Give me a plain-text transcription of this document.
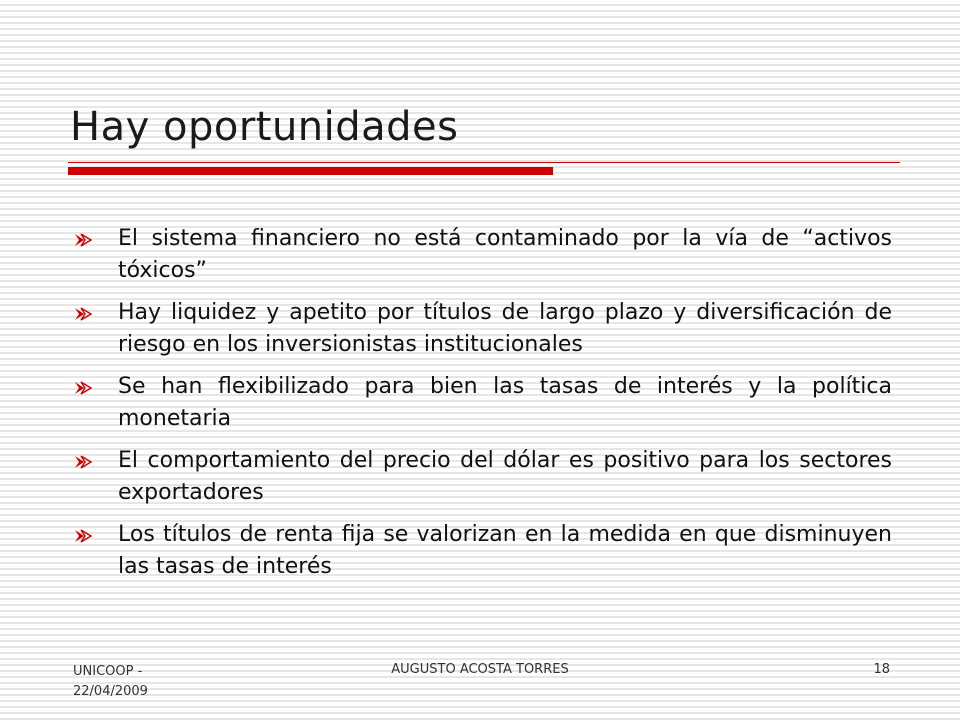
Hay oportunidades
El sistema financiero no está contaminado por la vía de “activos tóxicos”
Hay liquidez y apetito por títulos de largo plazo y diversificación de riesgo en los inversionistas institucionales
Se han flexibilizado para bien las tasas de interés y la política monetaria
El comportamiento del precio del dólar es positivo para los sectores exportadores
Los títulos de renta fija se valorizan en la medida en que disminuyen las tasas de interés
UNICOOP - 22/04/2009
AUGUSTO ACOSTA TORRES	18
